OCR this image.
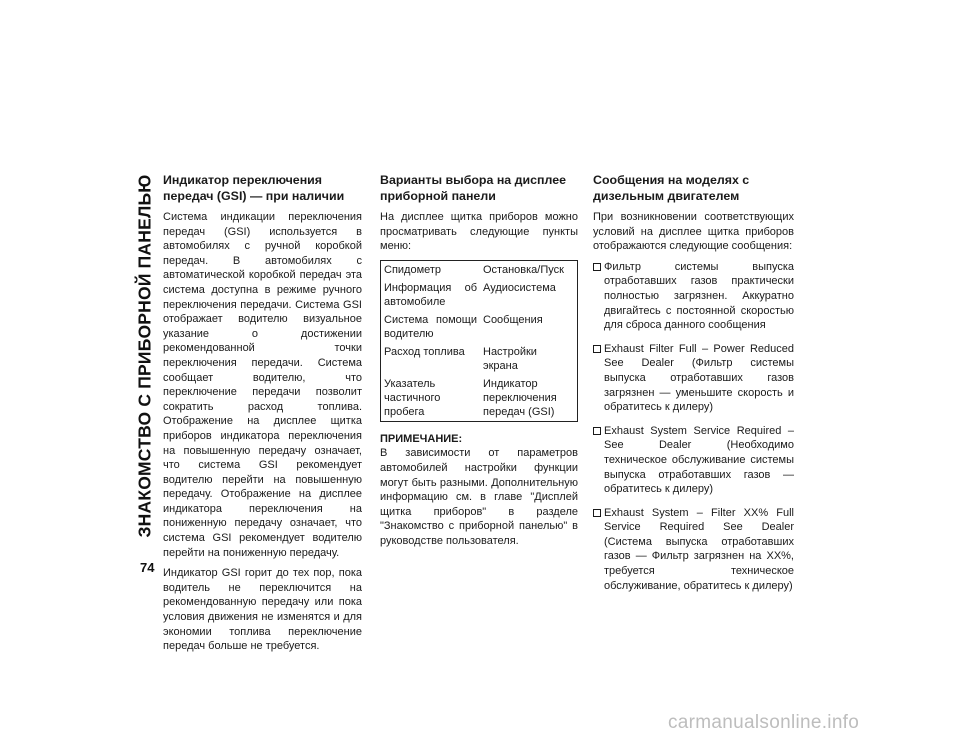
ЗНАКОМСТВО С ПРИБОРНОЙ ПАНЕЛЬЮ
74
Индикатор переключения передач (GSI) — при наличии

Система индикации переключения передач (GSI) используется в автомобилях с ручной коробкой передач. В автомобилях с автоматической коробкой передач эта система доступна в режиме ручного переключения передачи. Система GSI отображает водителю визуальное указание о достижении рекомендованной точки переключения передачи. Система сообщает водителю, что переключение передачи позволит сократить расход топлива. Отображение на дисплее щитка приборов индикатора переключения на повышенную передачу означает, что система GSI рекомендует водителю перейти на повышенную передачу. Отображение на дисплее индикатора переключения на пониженную передачу означает, что система GSI рекомендует водителю перейти на пониженную передачу.

Индикатор GSI горит до тех пор, пока водитель не переключится на рекомендованную передачу или пока условия движения не изменятся и для экономии топлива переключение передач больше не требуется.

Варианты выбора на дисплее приборной панели

На дисплее щитка приборов можно просматривать следующие пункты меню:

Спидометр	Остановка/Пуск
Информация об автомобиле	Аудиосистема
Система помощи водителю	Сообщения
Расход топлива	Настройки экрана
Указатель частичного пробега	Индикатор переключения передач (GSI)

ПРИМЕЧАНИЕ:

В зависимости от параметров автомобилей настройки функции могут быть разными. Дополнительную информацию см. в главе "Дисплей щитка приборов" в разделе "Знакомство с приборной панелью" в руководстве пользователя.

Сообщения на моделях с дизельным двигателем

При возникновении соответствующих условий на дисплее щитка приборов отображаются следующие сообщения:

Фильтр системы выпуска отработавших газов практически полностью загрязнен. Аккуратно двигайтесь с постоянной скоростью для сброса данного сообщения
Exhaust Filter Full – Power Reduced See Dealer (Фильтр системы выпуска отработавших газов загрязнен — уменьшите скорость и обратитесь к дилеру)
Exhaust System Service Required – See Dealer (Необходимо техническое обслуживание системы выпуска отработавших газов — обратитесь к дилеру)
Exhaust System – Filter XX% Full Service Required See Dealer (Система выпуска отработавших газов — Фильтр загрязнен на XX%, требуется техническое обслуживание, обратитесь к дилеру)
carmanualsonline.info
